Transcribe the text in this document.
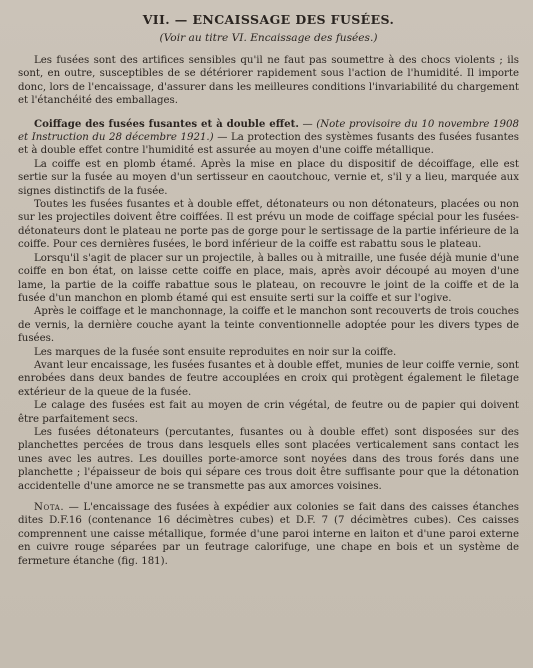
VII. — ENCAISSAGE DES FUSÉES.
(Voir au titre VI. Encaissage des fusées.)

Les fusées sont des artifices sensibles qu'il ne faut pas soumettre à des chocs violents ; ils sont, en outre, susceptibles de se détériorer rapidement sous l'action de l'humidité. Il importe donc, lors de l'encaissage, d'assurer dans les meilleures conditions l'invariabilité du chargement et l'étanchéité des emballages.

Coiffage des fusées fusantes et à double effet. — (Note provisoire du 10 novembre 1908 et Instruction du 28 décembre 1921.) — La protection des systèmes fusants des fusées fusantes et à double effet contre l'humidité est assurée au moyen d'une coiffe métallique.

La coiffe est en plomb étamé. Après la mise en place du dispositif de décoiffage, elle est sertie sur la fusée au moyen d'un sertisseur en caoutchouc, vernie et, s'il y a lieu, marquée aux signes distinctifs de la fusée.

Toutes les fusées fusantes et à double effet, détonateurs ou non détonateurs, placées ou non sur les projectiles doivent être coiffées. Il est prévu un mode de coiffage spécial pour les fusées-détonateurs dont le plateau ne porte pas de gorge pour le sertissage de la partie inférieure de la coiffe. Pour ces dernières fusées, le bord inférieur de la coiffe est rabattu sous le plateau.

Lorsqu'il s'agit de placer sur un projectile, à balles ou à mitraille, une fusée déjà munie d'une coiffe en bon état, on laisse cette coiffe en place, mais, après avoir découpé au moyen d'une lame, la partie de la coiffe rabattue sous le plateau, on recouvre le joint de la coiffe et de la fusée d'un manchon en plomb étamé qui est ensuite serti sur la coiffe et sur l'ogive.

Après le coiffage et le manchonnage, la coiffe et le manchon sont recouverts de trois couches de vernis, la dernière couche ayant la teinte conventionnelle adoptée pour les divers types de fusées.

Les marques de la fusée sont ensuite reproduites en noir sur la coiffe.

Avant leur encaissage, les fusées fusantes et à double effet, munies de leur coiffe vernie, sont enrobées dans deux bandes de feutre accouplées en croix qui protègent également le filetage extérieur de la queue de la fusée.

Le calage des fusées est fait au moyen de crin végétal, de feutre ou de papier qui doivent être parfaitement secs.

Les fusées détonateurs (percutantes, fusantes ou à double effet) sont disposées sur des planchettes percées de trous dans lesquels elles sont placées verticalement sans contact les unes avec les autres. Les douilles porte-amorce sont noyées dans des trous forés dans une planchette ; l'épaisseur de bois qui sépare ces trous doit être suffisante pour que la détonation accidentelle d'une amorce ne se transmette pas aux amorces voisines.

Nota. — L'encaissage des fusées à expédier aux colonies se fait dans des caisses étanches dites D.F.16 (contenance 16 décimètres cubes) et D.F. 7 (7 décimètres cubes). Ces caisses comprennent une caisse métallique, formée d'une paroi interne en laiton et d'une paroi externe en cuivre rouge séparées par un feutrage calorifuge, une chape en bois et un système de fermeture étanche (fig. 181).
